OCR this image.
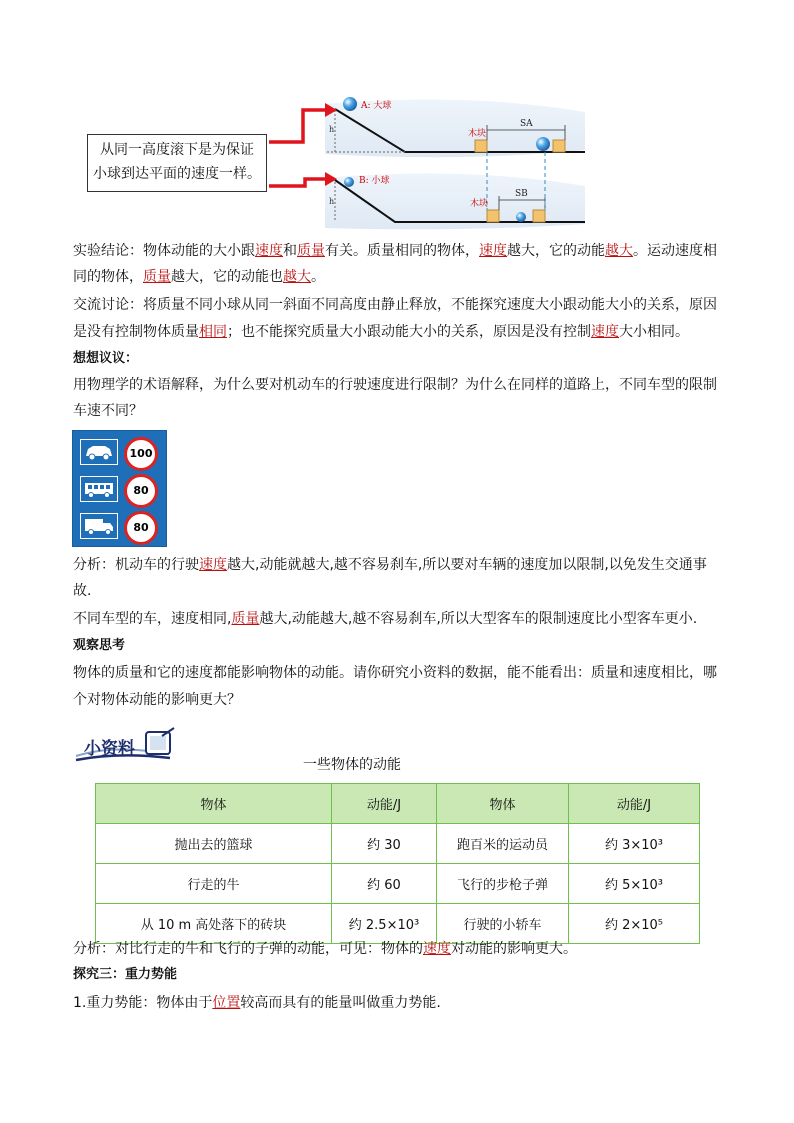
A: 大球
B: 小球
木块
木块
h
h
SA
SB
从同一高度滚下是为保证
小球到达平面的速度一样。
实验结论：物体动能的大小跟速度和质量有关。质量相同的物体，速度越大，它的动能越大。运动速度相
同的物体，质量越大，它的动能也越大。
交流讨论：将质量不同小球从同一斜面不同高度由静止释放，不能探究速度大小跟动能大小的关系，原因
是没有控制物体质量相同；也不能探究质量大小跟动能大小的关系，原因是没有控制速度大小相同。
想想议议：
用物理学的术语解释，为什么要对机动车的行驶速度进行限制？为什么在同样的道路上，不同车型的限制
车速不同？
100
80
80
分析：机动车的行驶速度越大,动能就越大,越不容易刹车,所以要对车辆的速度加以限制,以免发生交通事
故.
不同车型的车，速度相同,质量越大,动能越大,越不容易刹车,所以大型客车的限制速度比小型客车更小.
观察思考
物体的质量和它的速度都能影响物体的动能。请你研究小资料的数据，能不能看出：质量和速度相比，哪
个对物体动能的影响更大？
小资料
一些物体的动能
物体	动能/J	物体	动能/J
抛出去的篮球	约 30	跑百米的运动员	约 3×10³
行走的牛	约 60	飞行的步枪子弹	约 5×10³
从 10 m 高处落下的砖块	约 2.5×10³	行驶的小轿车	约 2×10⁵
分析：对比行走的牛和飞行的子弹的动能，可见：物体的速度对动能的影响更大。
探究三：重力势能
1.重力势能：物体由于位置较高而具有的能量叫做重力势能.
